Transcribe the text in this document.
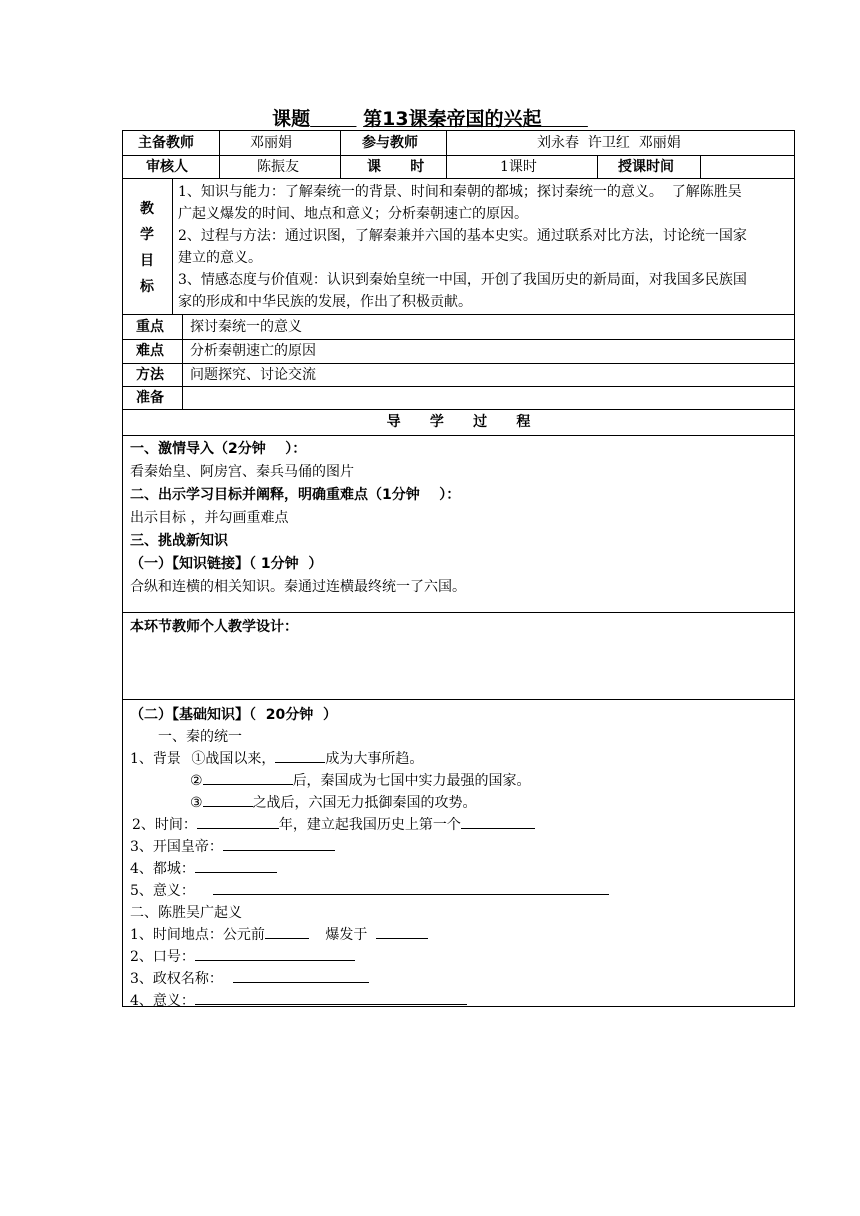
课题	第13课秦帝国的兴起
主备教师	邓丽娟	参与教师	刘永春  许卫红  邓丽娟
审核人	陈振友	课      时	1课时	授课时间
教
学
目
标
1、知识与能力：了解秦统一的背景、时间和秦朝的都城；探讨秦统一的意义。  了解陈胜吴
广起义爆发的时间、地点和意义；分析秦朝速亡的原因。
2、过程与方法：通过识图，了解秦兼并六国的基本史实。通过联系对比方法，讨论统一国家
建立的意义。
3、情感态度与价值观：认识到秦始皇统一中国，开创了我国历史的新局面，对我国多民族国
家的形成和中华民族的发展，作出了积极贡献。
重点 探讨秦统一的意义
难点 分析秦朝速亡的原因
方法 问题探究、讨论交流
准备
导      学      过      程
一、激情导入（2分钟    ）：
看秦始皇、阿房宫、秦兵马俑的图片
二、出示学习目标并阐释，明确重难点（1分钟    ）：
出示目标 ，并勾画重难点
三、挑战新知识
（一）【知识链接】（ 1分钟  ）
合纵和连横的相关知识。秦通过连横最终统一了六国。
本环节教师个人教学设计：
（二）【基础知识】（  20分钟  ）
一、秦的统一
1、背景 ①战国以来，	成为大事所趋。
②	后，秦国成为七国中实力最强的国家。
③	之战后，六国无力抵御秦国的攻势。
2、时间：	年，建立起我国历史上第一个
3、开国皇帝：
4、都城：
5、意义：
二、陈胜吴广起义
1、时间地点：公元前	爆发于
2、口号：
3、政权名称：
4、意义：
